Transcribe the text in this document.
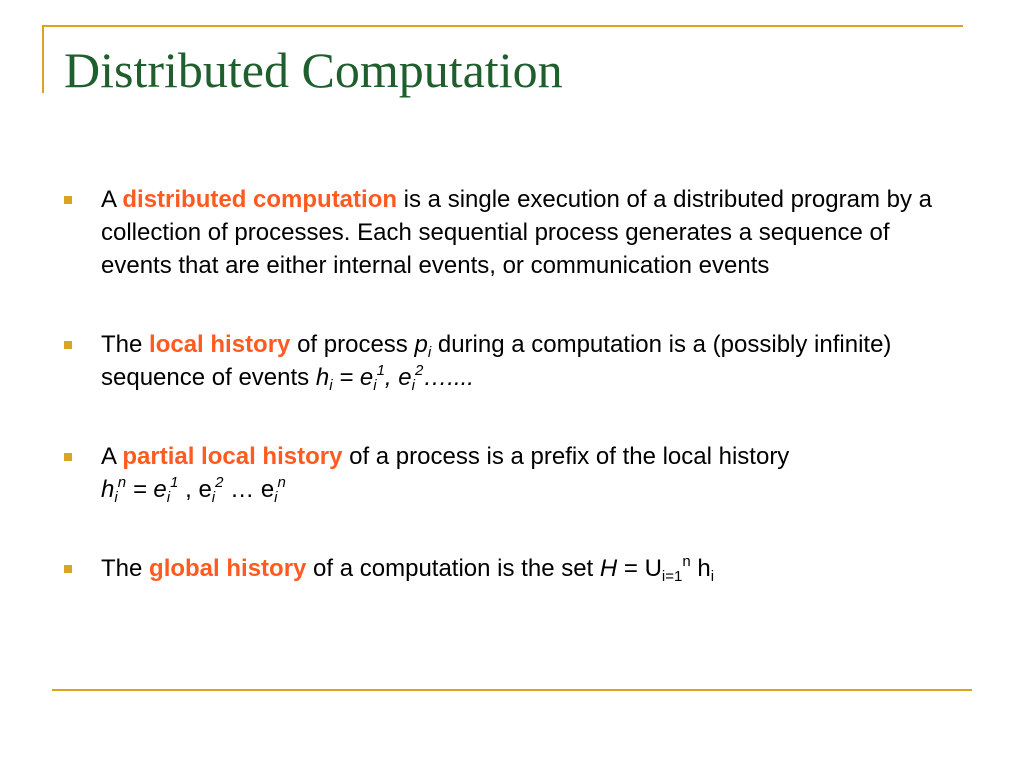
Distributed Computation
A distributed computation is a single execution of a distributed program by a collection of processes. Each sequential process generates a sequence of events that are either internal events, or communication events
The local history of process $p_i$ during a computation is a (possibly infinite) sequence of events $h_i = e_i^1$, $e_i^2\dots$....
A partial local history of a process is a prefix of the local history
$h_i^n = e_i^1$ , $e_i^2$ … $e_i^n$
The global history of a computation is the set $H = U_{i=1}^n$ $h_i$
